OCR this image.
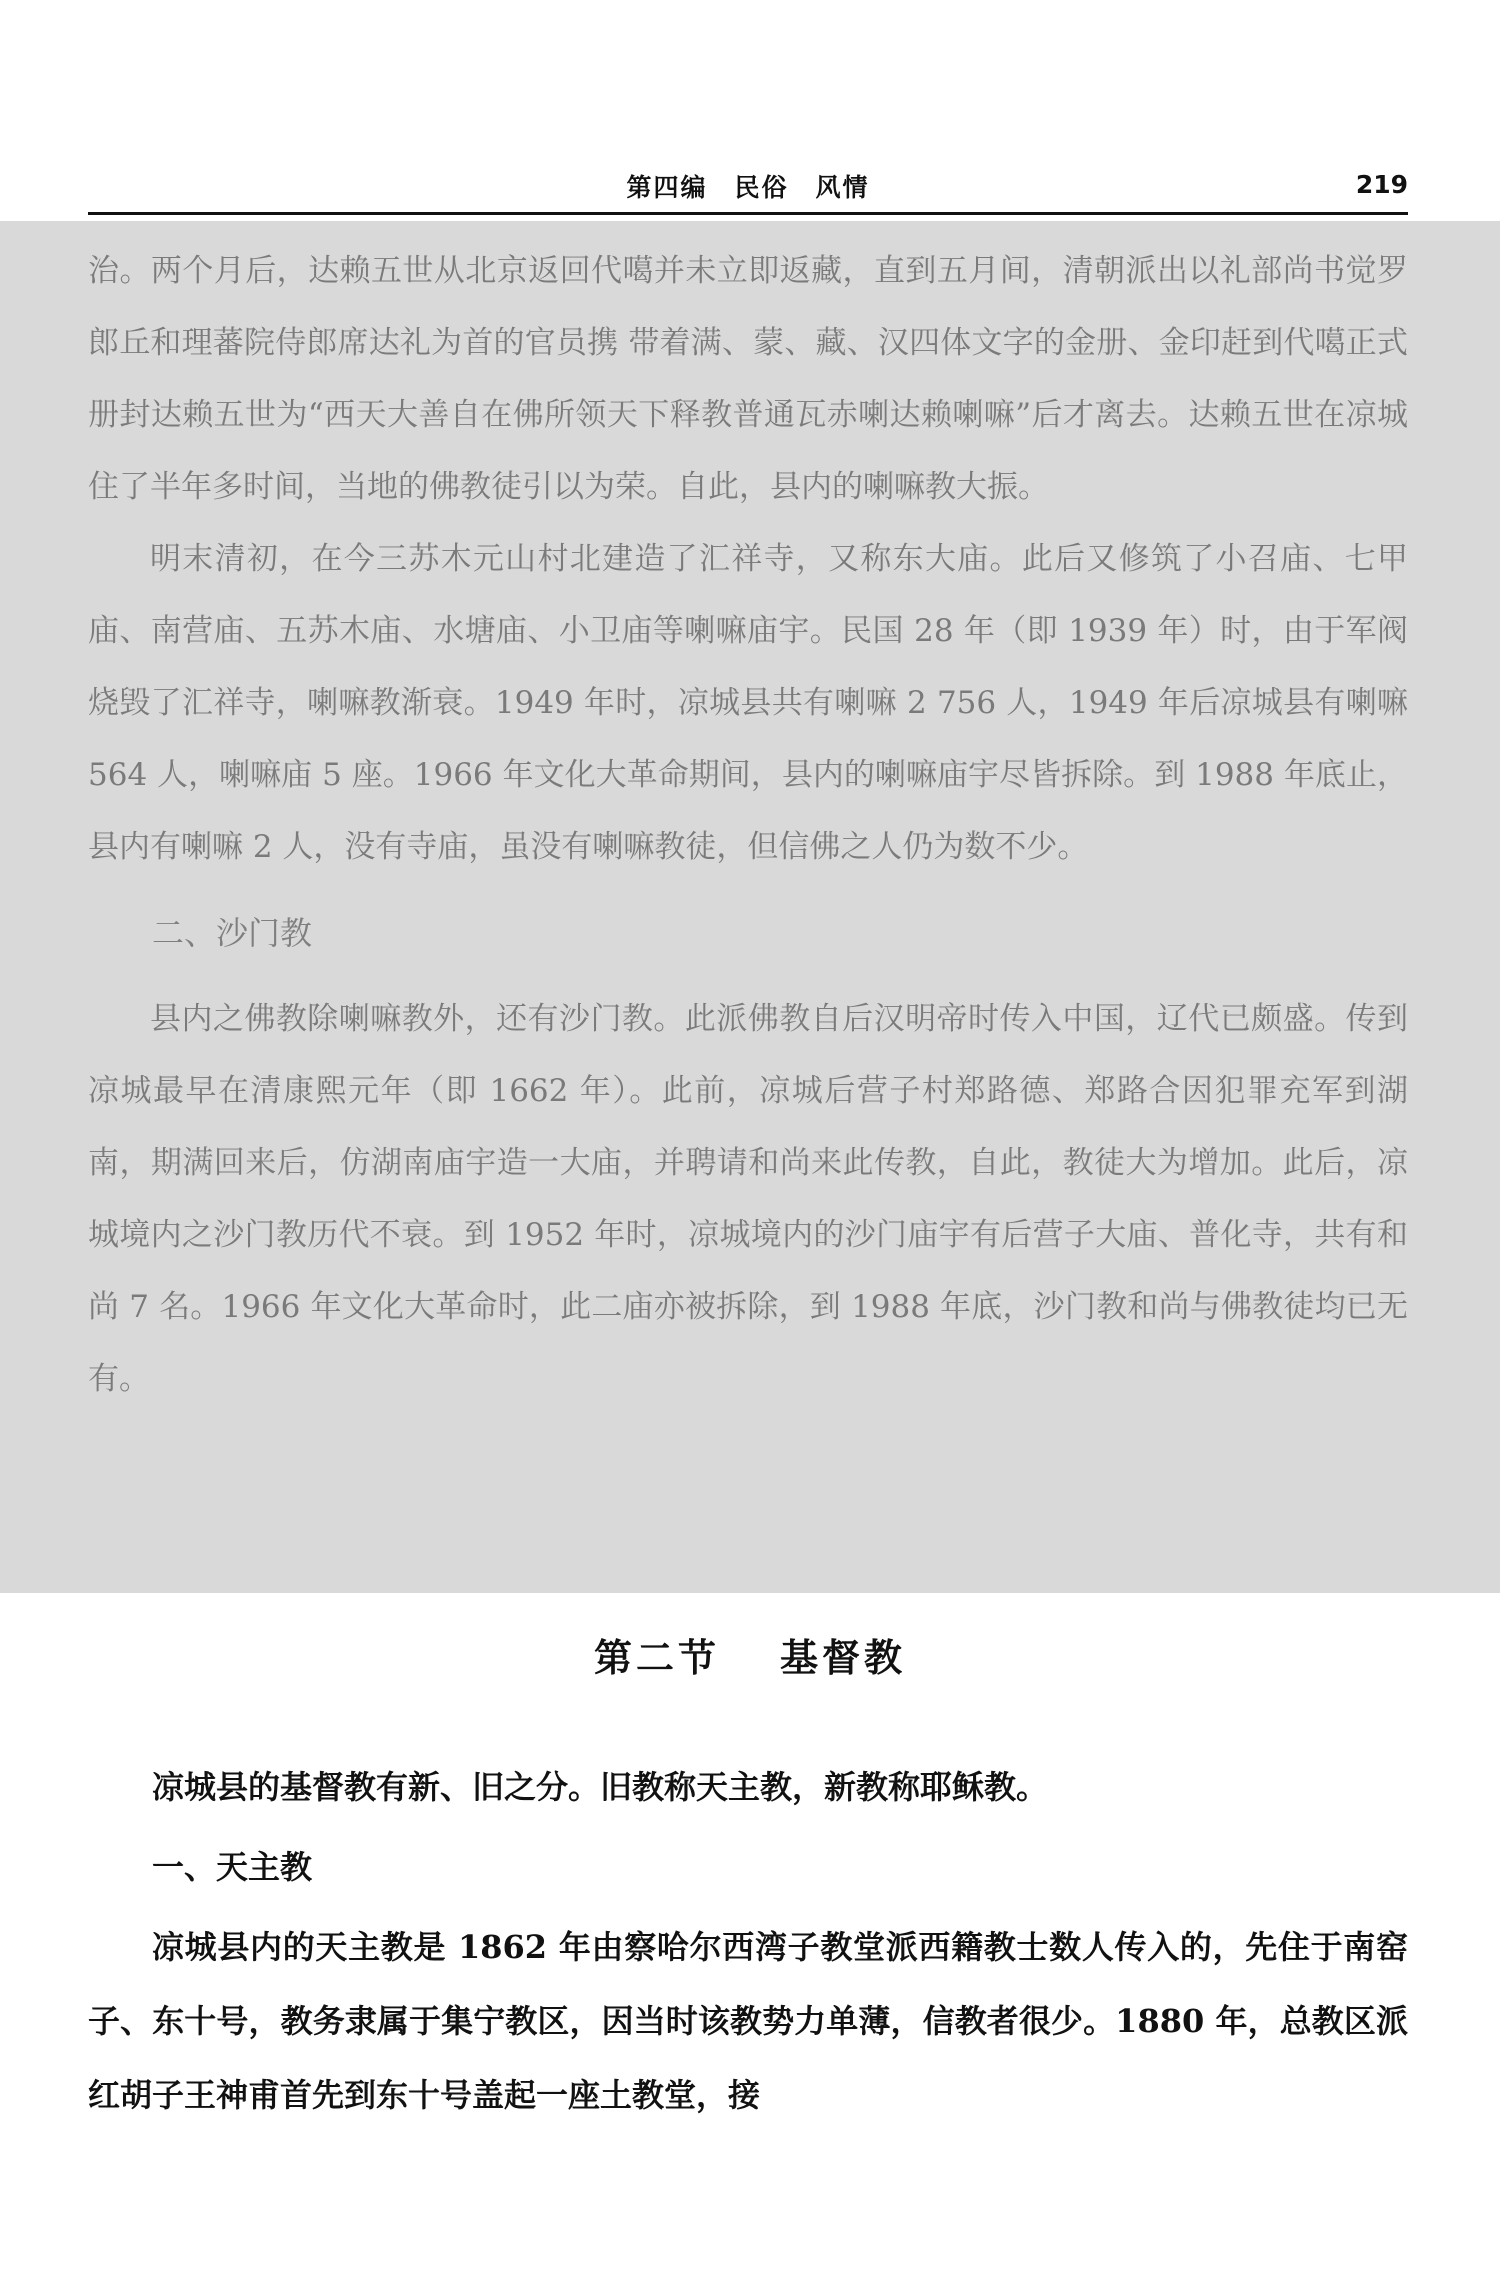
第四编　民俗　风情	219

治。两个月后，达赖五世从北京返回代噶并未立即返藏，直到五月间，清朝派出以礼部尚书觉罗郎丘和理蕃院侍郎席达礼为首的官员携 带着满、蒙、藏、汉四体文字的金册、金印赶到代噶正式册封达赖五世为“西天大善自在佛所领天下释教普通瓦赤喇达赖喇嘛”后才离去。达赖五世在凉城住了半年多时间，当地的佛教徒引以为荣。自此，县内的喇嘛教大振。

明末清初，在今三苏木元山村北建造了汇祥寺，又称东大庙。此后又修筑了小召庙、七甲庙、南营庙、五苏木庙、水塘庙、小卫庙等喇嘛庙宇。民国 28 年（即 1939 年）时，由于军阀烧毁了汇祥寺，喇嘛教渐衰。1949 年时，凉城县共有喇嘛 2 756 人，1949 年后凉城县有喇嘛 564 人，喇嘛庙 5 座。1966 年文化大革命期间，县内的喇嘛庙宇尽皆拆除。到 1988 年底止，县内有喇嘛 2 人，没有寺庙，虽没有喇嘛教徒，但信佛之人仍为数不少。

二、沙门教

县内之佛教除喇嘛教外，还有沙门教。此派佛教自后汉明帝时传入中国，辽代已颇盛。传到凉城最早在清康熙元年（即 1662 年）。此前，凉城后营子村郑路德、郑路合因犯罪充军到湖南，期满回来后，仿湖南庙宇造一大庙，并聘请和尚来此传教，自此，教徒大为增加。此后，凉城境内之沙门教历代不衰。到 1952 年时，凉城境内的沙门庙宇有后营子大庙、普化寺，共有和尚 7 名。1966 年文化大革命时，此二庙亦被拆除，到 1988 年底，沙门教和尚与佛教徒均已无有。

第二节 基督教

凉城县的基督教有新、旧之分。旧教称天主教，新教称耶稣教。

一、天主教

凉城县内的天主教是 1862 年由察哈尔西湾子教堂派西籍教士数人传入的，先住于南窑子、东十号，教务隶属于集宁教区，因当时该教势力单薄，信教者很少。1880 年，总教区派红胡子王神甫首先到东十号盖起一座土教堂，接
